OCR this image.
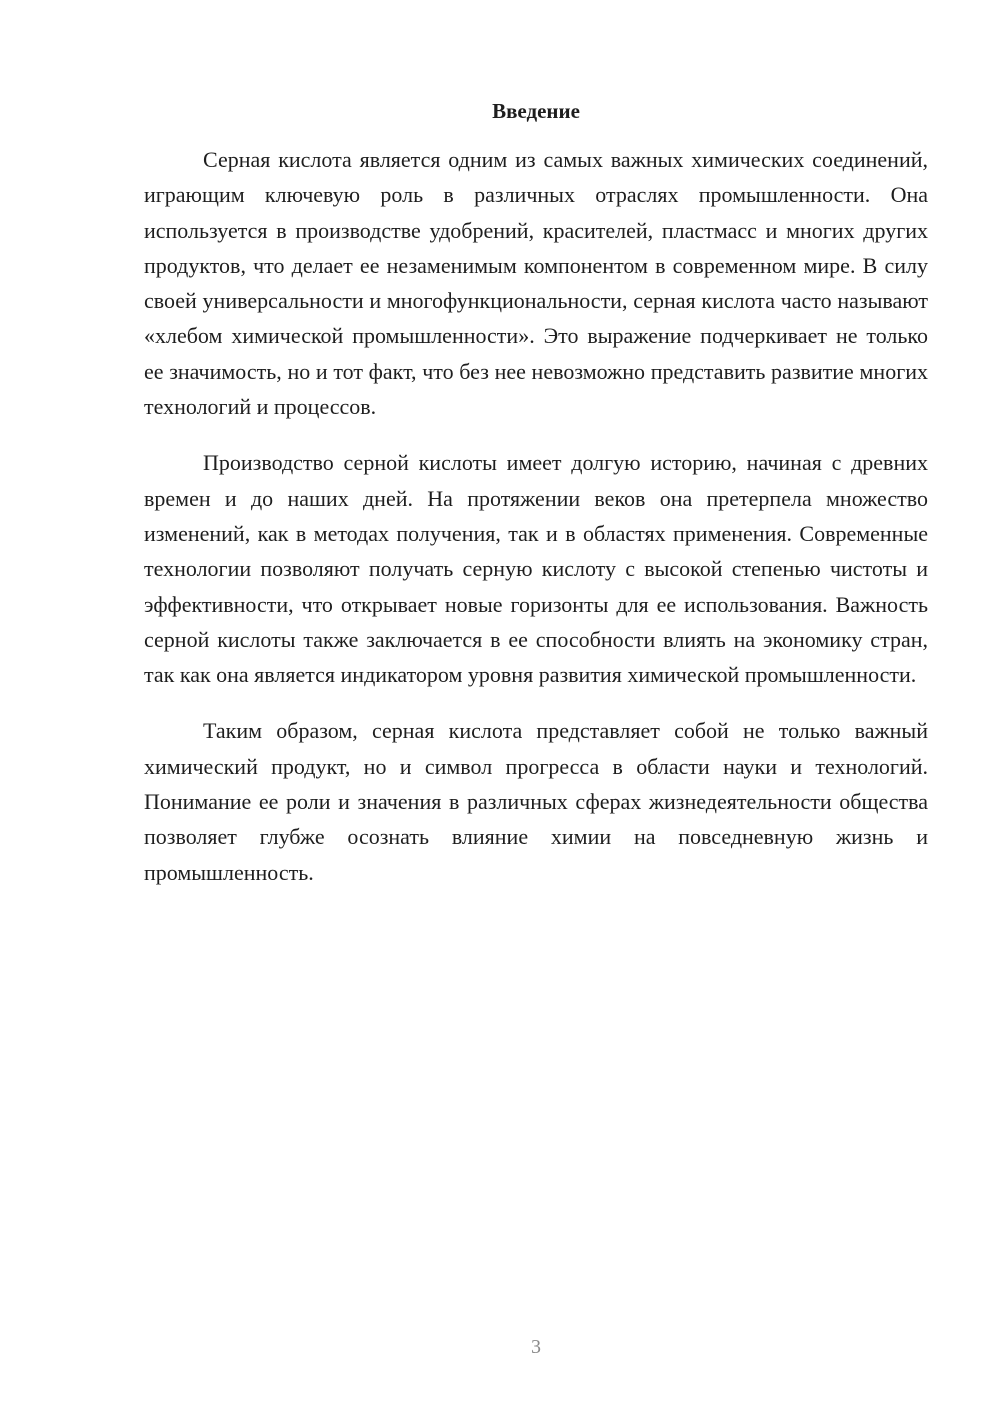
Введение

Серная кислота является одним из самых важных химических соединений, играющим ключевую роль в различных отраслях промышленности. Она используется в производстве удобрений, красителей, пластмасс и многих других продуктов, что делает ее незаменимым компонентом в современном мире. В силу своей универсальности и многофункциональности, серная кислота часто называют «хлебом химической промышленности». Это выражение подчеркивает не только ее значимость, но и тот факт, что без нее невозможно представить развитие многих технологий и процессов.

Производство серной кислоты имеет долгую историю, начиная с древних времен и до наших дней. На протяжении веков она претерпела множество изменений, как в методах получения, так и в областях применения. Современные технологии позволяют получать серную кислоту с высокой степенью чистоты и эффективности, что открывает новые горизонты для ее использования. Важность серной кислоты также заключается в ее способности влиять на экономику стран, так как она является индикатором уровня развития химической промышленности.

Таким образом, серная кислота представляет собой не только важный химический продукт, но и символ прогресса в области науки и технологий. Понимание ее роли и значения в различных сферах жизнедеятельности общества позволяет глубже осознать влияние химии на повседневную жизнь и промышленность.

3
